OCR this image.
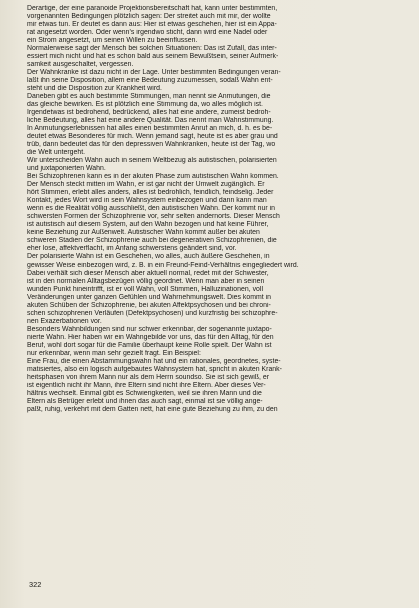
Derartige, der eine paranoide Projektionsbereitschaft hat, kann unter bestimmten,
vorgenannten Bedingungen plötzlich sagen: Der streitet auch mit mir, der wollte
mir etwas tun. Er deutet es dann aus: Hier ist etwas geschehen, hier ist ein Appa-
rat angesetzt worden. Oder wenn's irgendwo sticht, dann wird eine Nadel oder
ein Strom angesetzt, um seinen Willen zu beeinflussen.
Normalerweise sagt der Mensch bei solchen Situationen: Das ist Zufall, das inter-
essiert mich nicht und hat es schon bald aus seinem Bewußtsein, seiner Aufmerk-
samkeit ausgeschaltet, vergessen.
Der Wahnkranke ist dazu nicht in der Lage. Unter bestimmten Bedingungen veran-
laßt ihn seine Disposition, allem eine Bedeutung zuzumessen, sodaß Wahn ent-
steht und die Disposition zur Krankheit wird.
Daneben gibt es auch bestimmte Stimmungen, man nennt sie Anmutungen, die
das gleiche bewirken. Es ist plötzlich eine Stimmung da, wo alles möglich ist.
Irgendetwas ist bedrohend, bedrückend, alles hat eine andere, zumeist bedroh-
liche Bedeutung, alles hat eine andere Qualität. Das nennt man Wahnstimmung.
In Anmutungserlebnissen hat alles einen bestimmten Anruf an mich, d. h. es be-
deutet etwas Besonderes für mich. Wenn jemand sagt, heute ist es aber grau und
trüb, dann bedeutet das für den depressiven Wahnkranken, heute ist der Tag, wo
die Welt untergeht.
Wir unterscheiden Wahn auch in seinem Weltbezug als autistischen, polarisierten
und juxtaponierten Wahn.
Bei Schizophrenen kann es in der akuten Phase zum autistischen Wahn kommen.
Der Mensch steckt mitten im Wahn, er ist gar nicht der Umwelt zugänglich. Er
hört Stimmen, erlebt alles anders, alles ist bedrohlich, feindlich, feindselig. Jeder
Kontakt, jedes Wort wird in sein Wahnsystem einbezogen und dann kann man
wenn es die Realität völlig ausschließt, den autistischen Wahn. Der kommt nur in
schwersten Formen der Schizophrenie vor, sehr selten andernorts. Dieser Mensch
ist autistisch auf diesem System, auf den Wahn bezogen und hat keine Führer,
keine Beziehung zur Außenwelt. Autistischer Wahn kommt außer bei akuten
schweren Stadien der Schizophrenie auch bei degenerativen Schizophrenien, die
eher lose, affektverflacht, im Anfang schwerstens geändert sind, vor.
Der polarisierte Wahn ist ein Geschehen, wo alles, auch äußere Geschehen, in
gewisser Weise einbezogen wird, z. B. in ein Freund-Feind-Verhältnis eingegliedert wird.
Dabei verhält sich dieser Mensch aber aktuell normal, redet mit der Schwester,
ist in den normalen Alltagsbezügen völlig geordnet. Wenn man aber in seinen
wunden Punkt hineintrifft, ist er voll Wahn, voll Stimmen, Halluzinationen, voll
Veränderungen unter ganzen Gefühlen und Wahrnehmungswelt. Dies kommt in
akuten Schüben der Schizophrenie, bei akuten Affektpsychosen und bei chroni-
schen schizophrenen Verläufen (Defektpsychosen) und kurzfristig bei schizophre-
nen Exazerbationen vor.
Besonders Wahnbildungen sind nur schwer erkennbar, der sogenannte juxtapo-
nierte Wahn. Hier haben wir ein Wahngebilde vor uns, das für den Alltag, für den
Beruf, wohl dort sogar für die Familie überhaupt keine Rolle spielt. Der Wahn ist
nur erkennbar, wenn man sehr gezielt fragt. Ein Beispiel:
Eine Frau, die einen Abstammungswahn hat und ein rationales, geordnetes, syste-
matisiertes, also ein logisch aufgebautes Wahnsystem hat, spricht in akuten Krank-
heitsphasen von ihrem Mann nur als dem Herrn soundso. Sie ist sich gewiß, er
ist eigentlich nicht ihr Mann, ihre Eltern sind nicht ihre Eltern. Aber dieses Ver-
hältnis wechselt. Einmal gibt es Schwierigkeiten, weil sie ihren Mann und die
Eltern als Betrüger erlebt und ihnen das auch sagt, einmal ist sie völlig ange-
paßt, ruhig, verkehrt mit dem Gatten nett, hat eine gute Beziehung zu ihm, zu den
322
